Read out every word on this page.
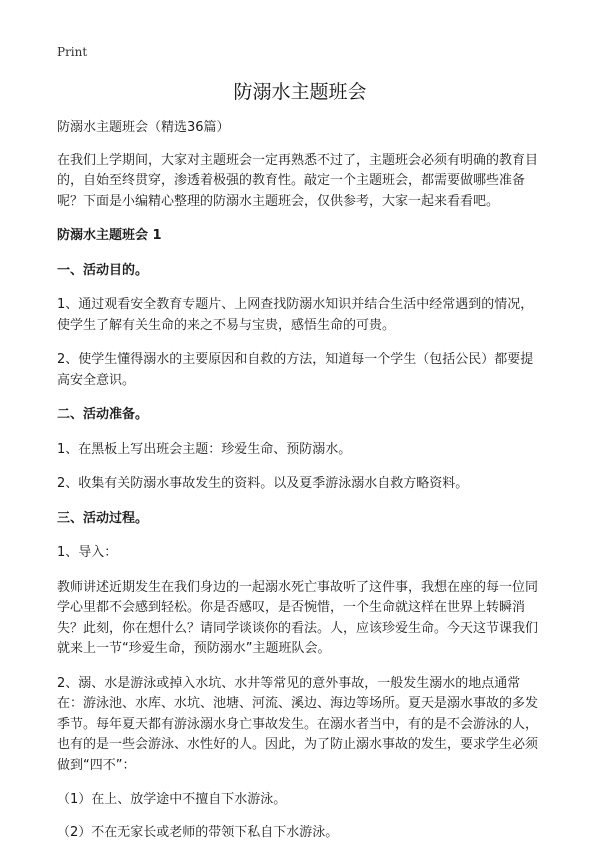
Print
防溺水主题班会

防溺水主题班会（精选36篇）

在我们上学期间，大家对主题班会一定再熟悉不过了，主题班会必须有明确的教育目的，自始至终贯穿，渗透着极强的教育性。敲定一个主题班会，都需要做哪些准备呢？下面是小编精心整理的防溺水主题班会，仅供参考，大家一起来看看吧。

防溺水主题班会 1

一、活动目的。

1、通过观看安全教育专题片、上网查找防溺水知识并结合生活中经常遇到的情况，使学生了解有关生命的来之不易与宝贵，感悟生命的可贵。

2、使学生懂得溺水的主要原因和自救的方法，知道每一个学生（包括公民）都要提高安全意识。

二、活动准备。

1、在黑板上写出班会主题：珍爱生命、预防溺水。

2、收集有关防溺水事故发生的资料。以及夏季游泳溺水自救方略资料。

三、活动过程。

1、导入：

教师讲述近期发生在我们身边的一起溺水死亡事故听了这件事，我想在座的每一位同学心里都不会感到轻松。你是否感叹，是否惋惜，一个生命就这样在世界上转瞬消失？此刻，你在想什么？请同学谈谈你的看法。人，应该珍爱生命。今天这节课我们就来上一节“珍爱生命，预防溺水”主题班队会。

2、溺、水是游泳或掉入水坑、水井等常见的意外事故，一般发生溺水的地点通常在：游泳池、水库、水坑、池塘、河流、溪边、海边等场所。夏天是溺水事故的多发季节。每年夏天都有游泳溺水身亡事故发生。在溺水者当中，有的是不会游泳的人，也有的是一些会游泳、水性好的人。因此，为了防止溺水事故的发生，要求学生必须做到“四不”：

（1）在上、放学途中不擅自下水游泳。

（2）不在无家长或老师的带领下私自下水游泳。
